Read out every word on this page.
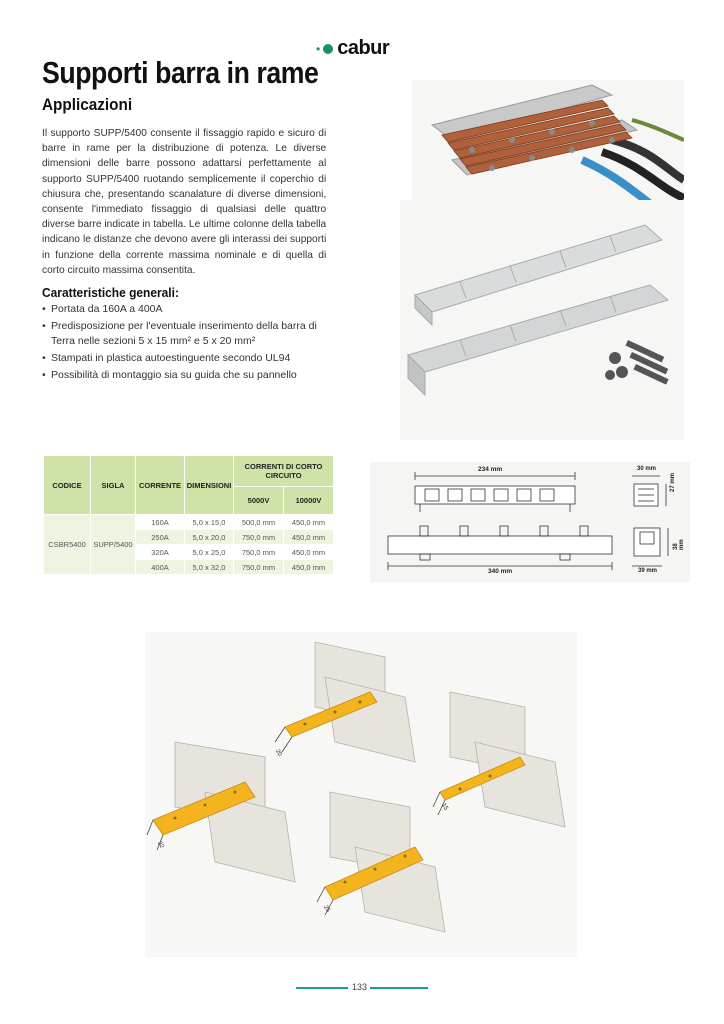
• cabur
Supporti barra in rame
Applicazioni
Il supporto SUPP/5400 consente il fissaggio rapido e sicuro di barre in rame per la distribuzione di potenza. Le diverse dimensioni delle barre possono adattarsi perfettamente al supporto SUPP/5400 ruotando semplicemente il coperchio di chiusura che, presentando scanalature di diverse dimensioni, consente l'immediato fissaggio di qualsiasi delle quattro diverse barre indicate in tabella. Le ultime colonne della tabella indicano le distanze che devono avere gli interassi dei supporti in funzione della corrente massima nominale e di quella di corto circuito massima consentita.
Caratteristiche generali:
• Portata da 160A a 400A
• Predisposizione per l'eventuale inserimento della barra di Terra nelle sezioni 5 x 15 mm² e 5 x 20 mm²
• Stampati in plastica autoestinguente secondo UL94
• Possibilità di montaggio sia su guida che su pannello
CODICE	SIGLA	CORRENTE	DIMENSIONI	CORRENTI DI CORTO CIRCUITO	
				5000V	10000V
CSBR5400	SUPP/5400	160A	5,0 x 15,0	500,0 mm	450,0 mm
		250A	5,0 x 20,0	750,0 mm	450,0 mm
		320A	5,0 x 25,0	750,0 mm	450,0 mm
		400A	5,0 x 32,0	750,0 mm	450,0 mm
234 mm
340 mm
30 mm
27 mm
38 mm
39 mm
20
15
32
25
133
